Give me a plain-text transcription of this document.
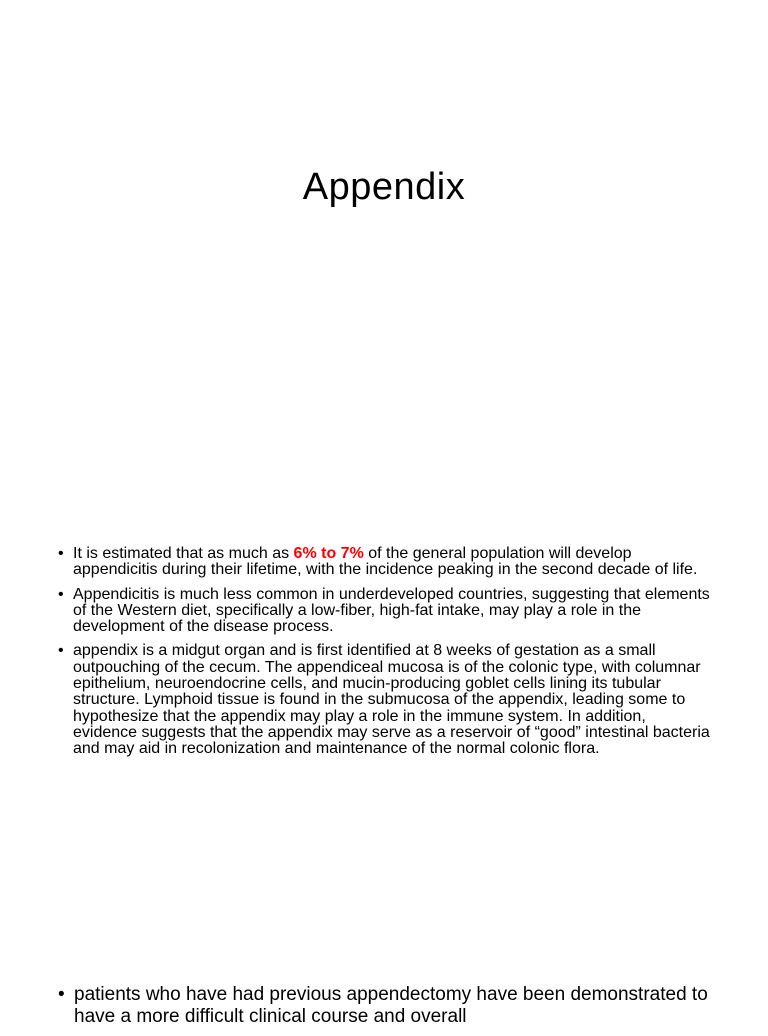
Appendix
• It is estimated that as much as 6% to 7% of the general population will develop appendicitis during their lifetime, with the incidence peaking in the second decade of life.
• Appendicitis is much less common in underdeveloped countries, suggesting that elements of the Western diet, specifically a low-fiber, high-fat intake, may play a role in the development of the disease process.
• appendix is a midgut organ and is first identified at 8 weeks of gestation as a small outpouching of the cecum. The appendiceal mucosa is of the colonic type, with columnar epithelium, neuroendocrine cells, and mucin-producing goblet cells lining its tubular structure. Lymphoid tissue is found in the submucosa of the appendix, leading some to hypothesize that the appendix may play a role in the immune system. In addition, evidence suggests that the appendix may serve as a reservoir of “good” intestinal bacteria and may aid in recolonization and maintenance of the normal colonic flora.
• patients who have had previous appendectomy have been demonstrated to have a more difficult clinical course and overall
